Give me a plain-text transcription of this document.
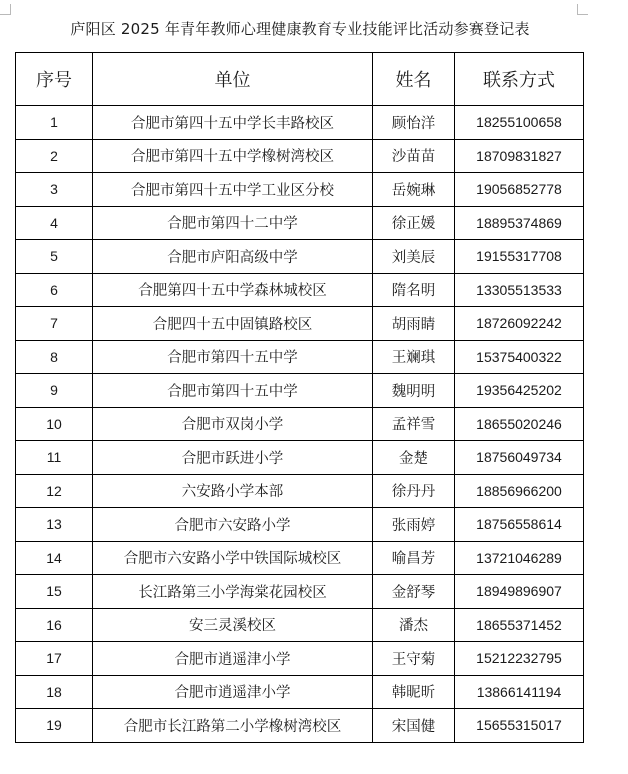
庐阳区 2025 年青年教师心理健康教育专业技能评比活动参赛登记表
序号	单位	姓名	联系方式
1	合肥市第四十五中学长丰路校区	顾怡洋	18255100658
2	合肥市第四十五中学橡树湾校区	沙苗苗	18709831827
3	合肥市第四十五中学工业区分校	岳婉琳	19056852778
4	合肥市第四十二中学	徐正媛	18895374869
5	合肥市庐阳高级中学	刘美辰	19155317708
6	合肥第四十五中学森林城校区	隋名明	13305513533
7	合肥四十五中固镇路校区	胡雨睛	18726092242
8	合肥市第四十五中学	王斓琪	15375400322
9	合肥市第四十五中学	魏明明	19356425202
10	合肥市双岗小学	孟祥雪	18655020246
11	合肥市跃进小学	金楚	18756049734
12	六安路小学本部	徐丹丹	18856966200
13	合肥市六安路小学	张雨婷	18756558614
14	合肥市六安路小学中铁国际城校区	喻昌芳	13721046289
15	长江路第三小学海棠花园校区	金舒琴	18949896907
16	安三灵溪校区	潘杰	18655371452
17	合肥市逍遥津小学	王守菊	15212232795
18	合肥市逍遥津小学	韩昵昕	13866141194
19	合肥市长江路第二小学橡树湾校区	宋国健	15655315017
